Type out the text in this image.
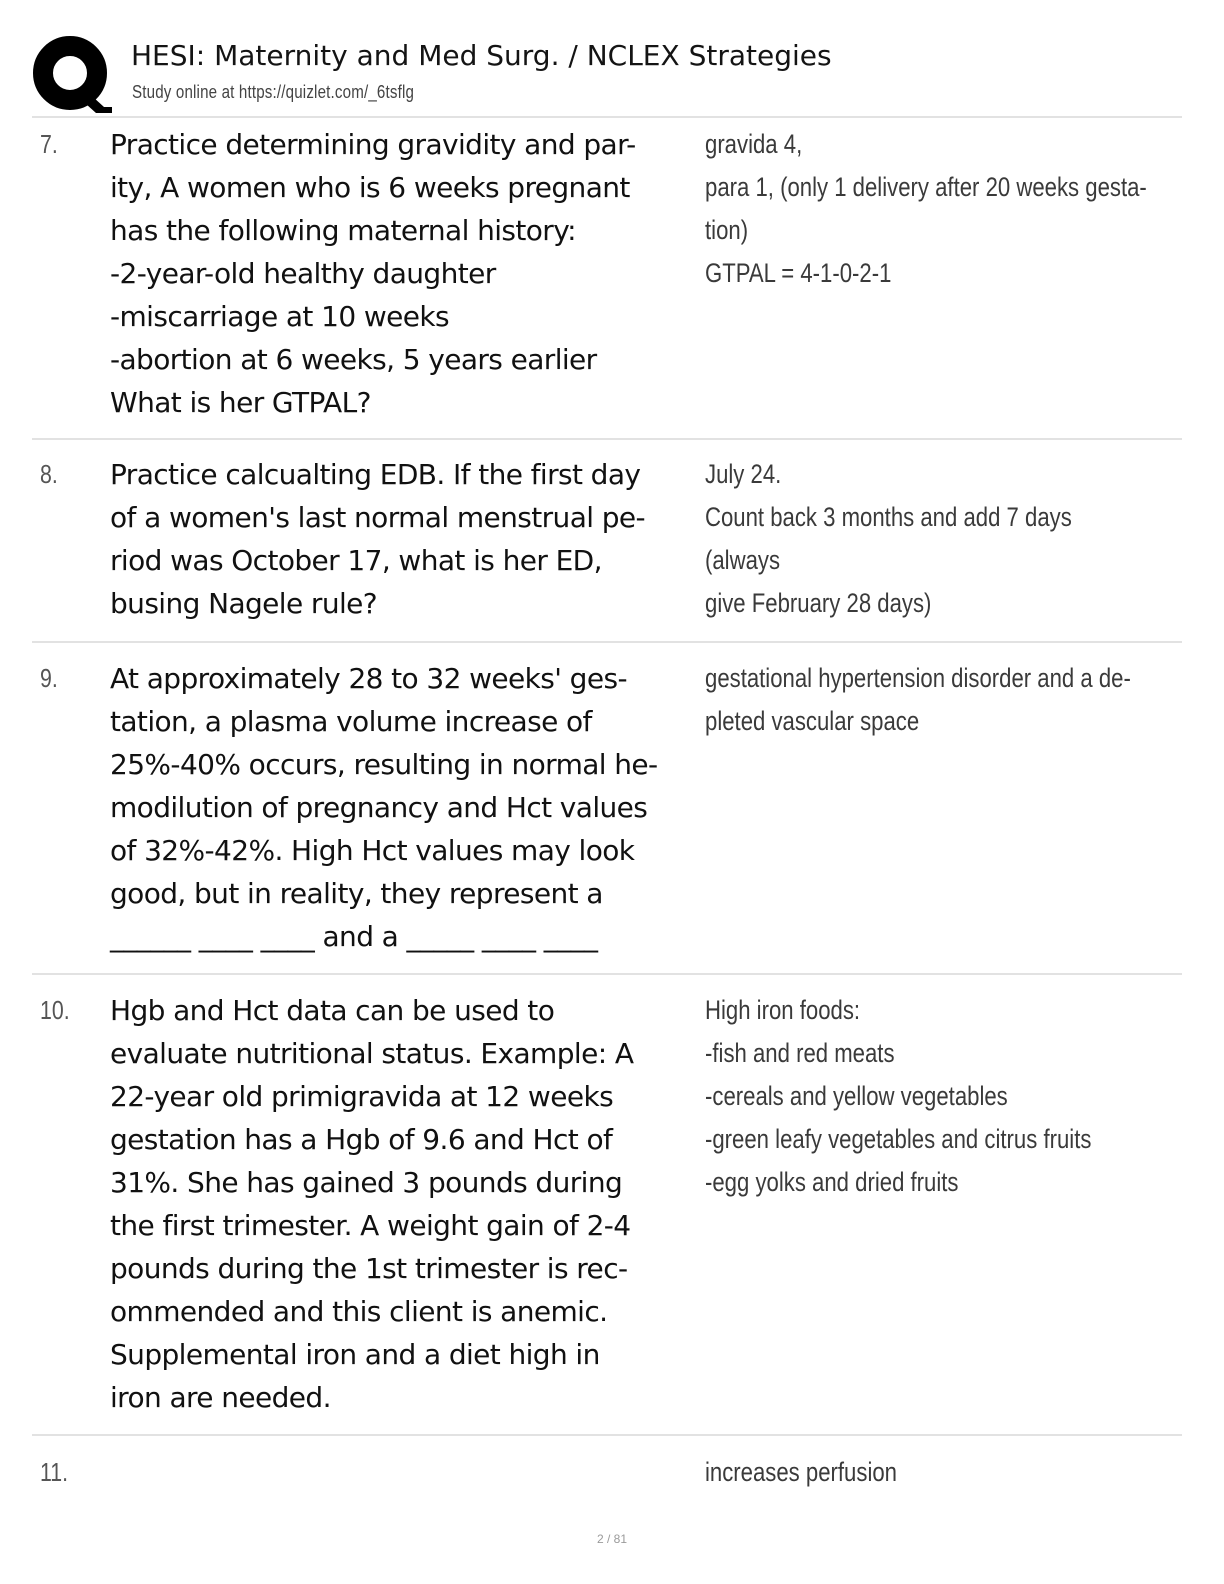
HESI: Maternity and Med Surg. / NCLEX Strategies
Study online at https://quizlet.com/_6tsflg
7. Practice determining gravidity and par-
ity, A women who is 6 weeks pregnant
has the following maternal history:
-2-year-old healthy daughter
-miscarriage at 10 weeks
-abortion at 6 weeks, 5 years earlier
What is her GTPAL?
gravida 4,
para 1, (only 1 delivery after 20 weeks gesta-
tion)
GTPAL = 4-1-0-2-1
8. Practice calcualting EDB. If the first day
of a women's last normal menstrual pe-
riod was October 17, what is her ED,
busing Nagele rule?
July 24.
Count back 3 months and add 7 days (always
give February 28 days)
9. At approximately 28 to 32 weeks' ges-
tation, a plasma volume increase of
25%-40% occurs, resulting in normal he-
modilution of pregnancy and Hct values
of 32%-42%. High Hct values may look
good, but in reality, they represent a
______ ____ ____ and a _____ ____ ____
gestational hypertension disorder and a de-
pleted vascular space
10. Hgb and Hct data can be used to
evaluate nutritional status. Example: A
22-year old primigravida at 12 weeks
gestation has a Hgb of 9.6 and Hct of
31%. She has gained 3 pounds during
the first trimester. A weight gain of 2-4
pounds during the 1st trimester is rec-
ommended and this client is anemic.
Supplemental iron and a diet high in
iron are needed.
High iron foods:
-fish and red meats
-cereals and yellow vegetables
-green leafy vegetables and citrus fruits
-egg yolks and dried fruits
11.	increases perfusion
2 / 81
